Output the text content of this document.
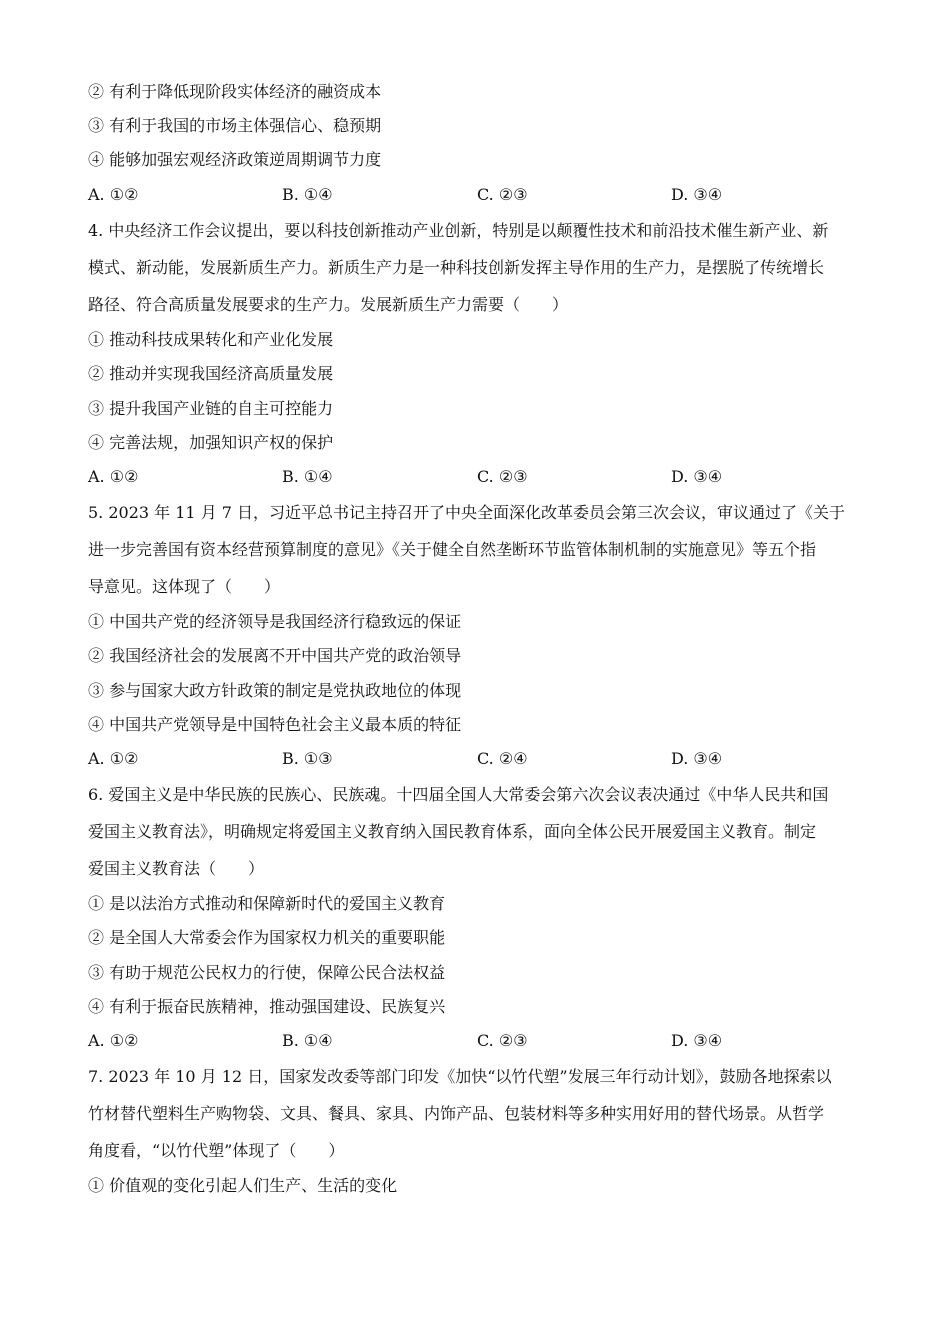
② 有利于降低现阶段实体经济的融资成本
③ 有利于我国的市场主体强信心、稳预期
④ 能够加强宏观经济政策逆周期调节力度
A. ①②	B. ①④	C. ②③	D. ③④
4. 中央经济工作会议提出，要以科技创新推动产业创新，特别是以颠覆性技术和前沿技术催生新产业、新
模式、新动能，发展新质生产力。新质生产力是一种科技创新发挥主导作用的生产力，是摆脱了传统增长
路径、符合高质量发展要求的生产力。发展新质生产力需要（　　）
① 推动科技成果转化和产业化发展
② 推动并实现我国经济高质量发展
③ 提升我国产业链的自主可控能力
④ 完善法规，加强知识产权的保护
A. ①②	B. ①④	C. ②③	D. ③④
5. 2023 年 11 月 7 日，习近平总书记主持召开了中央全面深化改革委员会第三次会议，审议通过了《关于
进一步完善国有资本经营预算制度的意见》《关于健全自然垄断环节监管体制机制的实施意见》等五个指
导意见。这体现了（　　）
① 中国共产党的经济领导是我国经济行稳致远的保证
② 我国经济社会的发展离不开中国共产党的政治领导
③ 参与国家大政方针政策的制定是党执政地位的体现
④ 中国共产党领导是中国特色社会主义最本质的特征
A. ①②	B. ①③	C. ②④	D. ③④
6. 爱国主义是中华民族的民族心、民族魂。十四届全国人大常委会第六次会议表决通过《中华人民共和国
爱国主义教育法》，明确规定将爱国主义教育纳入国民教育体系，面向全体公民开展爱国主义教育。制定
爱国主义教育法（　　）
① 是以法治方式推动和保障新时代的爱国主义教育
② 是全国人大常委会作为国家权力机关的重要职能
③ 有助于规范公民权力的行使，保障公民合法权益
④ 有利于振奋民族精神，推动强国建设、民族复兴
A. ①②	B. ①④	C. ②③	D. ③④
7. 2023 年 10 月 12 日，国家发改委等部门印发《加快“以竹代塑”发展三年行动计划》，鼓励各地探索以
竹材替代塑料生产购物袋、文具、餐具、家具、内饰产品、包装材料等多种实用好用的替代场景。从哲学
角度看，“以竹代塑”体现了（　　）
① 价值观的变化引起人们生产、生活的变化
